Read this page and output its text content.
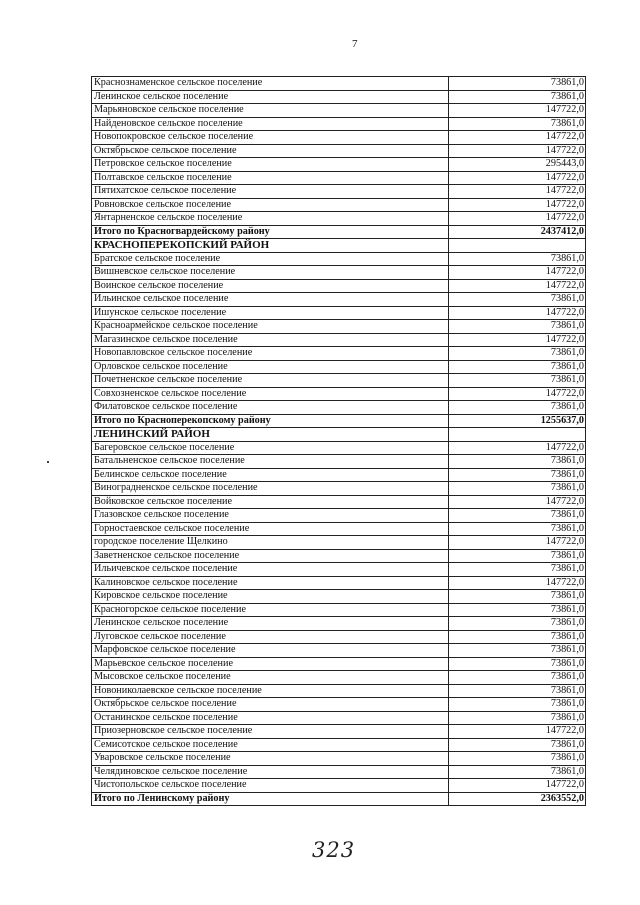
7
Краснознаменское сельское поселение	73861,0
Ленинское сельское поселение	73861,0
Марьяновское сельское поселение	147722,0
Найденовское сельское поселение	73861,0
Новопокровское сельское поселение	147722,0
Октябрьское сельское поселение	147722,0
Петровское сельское поселение	295443,0
Полтавское сельское поселение	147722,0
Пятихатское сельское поселение	147722,0
Ровновское сельское поселение	147722,0
Янтарненское сельское поселение	147722,0
Итого по Красногвардейскому району	2437412,0
КРАСНОПЕРЕКОПСКИЙ РАЙОН	
Братское сельское поселение	73861,0
Вишневское сельское поселение	147722,0
Воинское сельское поселение	147722,0
Ильинское сельское поселение	73861,0
Ишунское сельское поселение	147722,0
Красноармейское сельское поселение	73861,0
Магазинское сельское поселение	147722,0
Новопавловское сельское поселение	73861,0
Орловское сельское поселение	73861,0
Почетненское сельское поселение	73861,0
Совхозненское сельское поселение	147722,0
Филатовское сельское поселение	73861,0
Итого по Красноперекопскому району	1255637,0
ЛЕНИНСКИЙ РАЙОН	
Багеровское сельское поселение	147722,0
Батальненское сельское поселение	73861,0
Белинское сельское поселение	73861,0
Виноградненское сельское поселение	73861,0
Войковское сельское поселение	147722,0
Глазовское сельское поселение	73861,0
Горностаевское сельское поселение	73861,0
городское поселение Щелкино	147722,0
Заветненское сельское поселение	73861,0
Ильичевское сельское поселение	73861,0
Калиновское сельское поселение	147722,0
Кировское сельское поселение	73861,0
Красногорское сельское поселение	73861,0
Ленинское сельское поселение	73861,0
Луговское сельское поселение	73861,0
Марфовское сельское поселение	73861,0
Марьевское сельское поселение	73861,0
Мысовское сельское поселение	73861,0
Новониколаевское сельское поселение	73861,0
Октябрьское сельское поселение	73861,0
Останинское сельское поселение	73861,0
Приозерновское сельское поселение	147722,0
Семисотское сельское поселение	73861,0
Уваровское сельское поселение	73861,0
Челядиновское сельское поселение	73861,0
Чистопольское сельское поселение	147722,0
Итого по Ленинскому району	2363552,0
323
